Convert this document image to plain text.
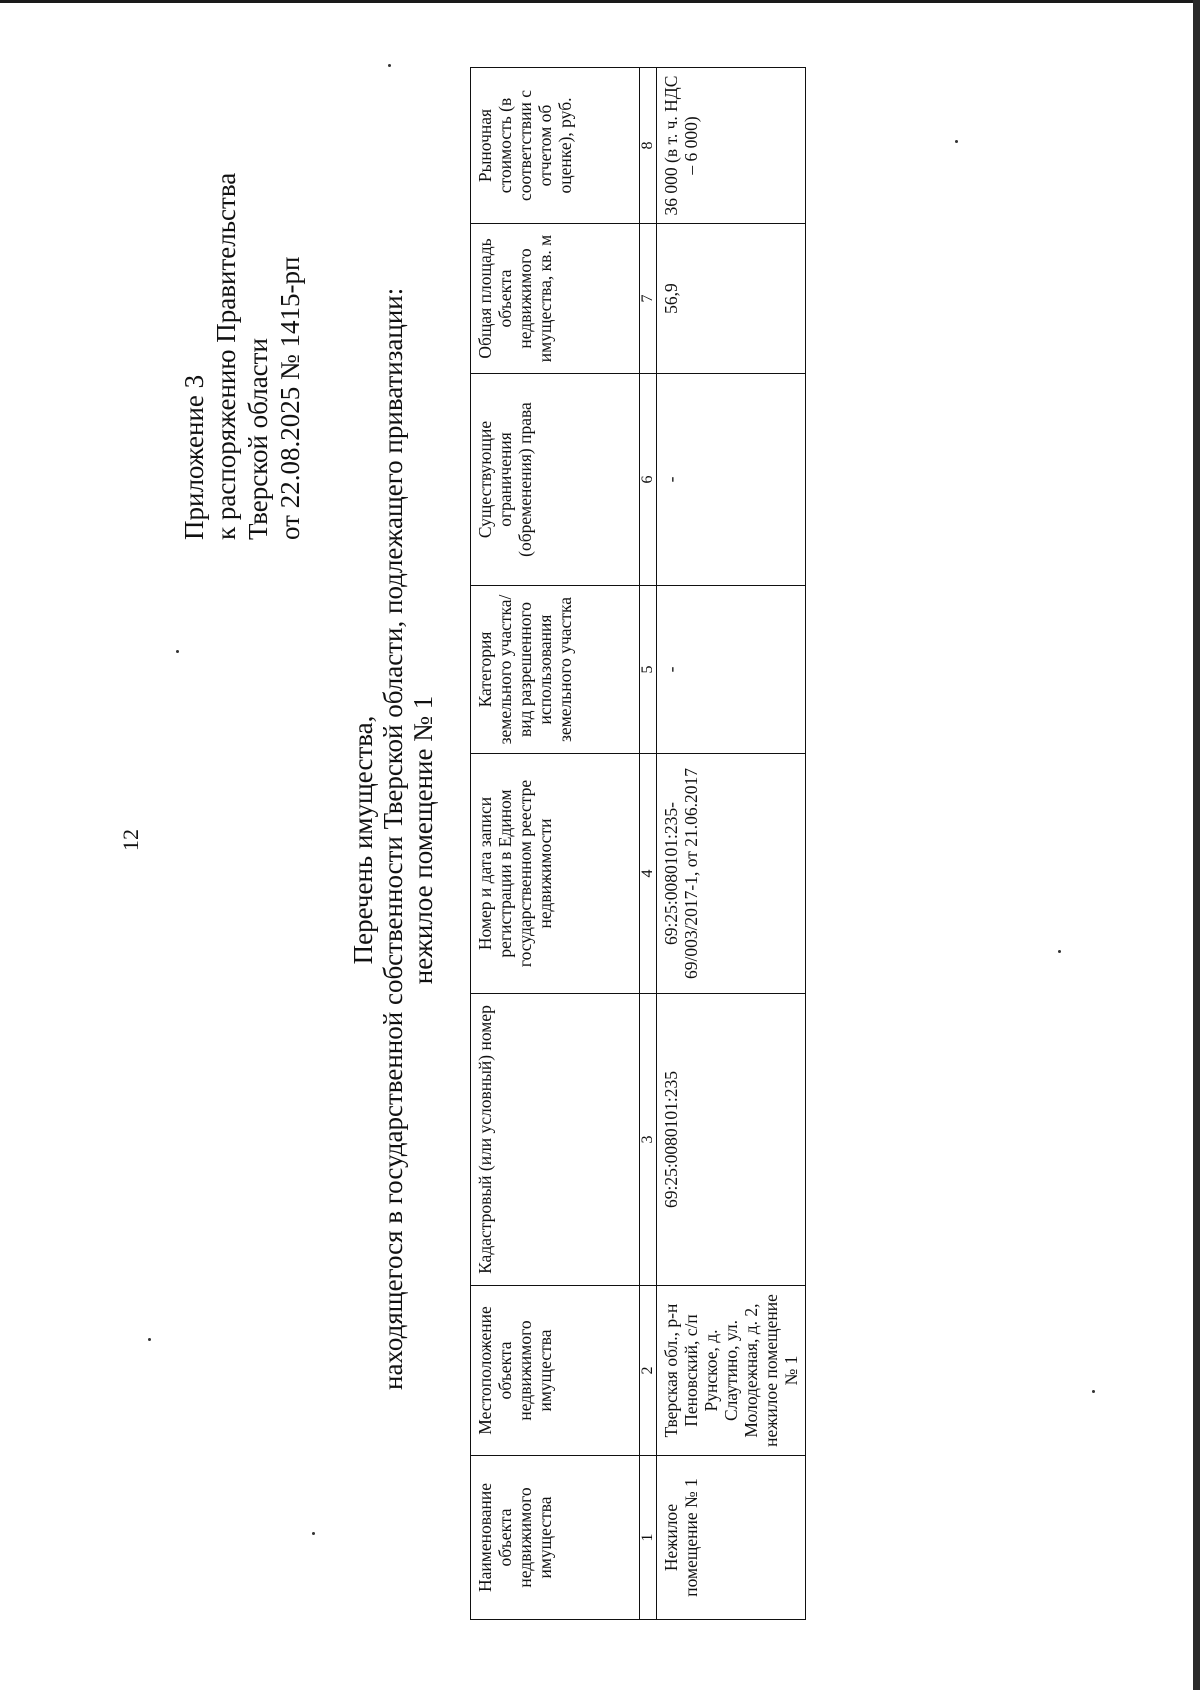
12
Приложение 3 к распоряжению Правительства Тверской области от 22.08.2025 № 1415-рп
Перечень имущества, находящегося в государственной собственности Тверской области, подлежащего приватизации: нежилое помещение № 1
Наименование объекта недвижимого имущества	Местоположение объекта недвижимого имущества	Кадастровый (или условный) номер	Номер и дата записи регистрации в Едином государственном реестре недвижимости	Категория земельного участка/вид разрешенного использования земельного участка	Существующие ограничения (обременения) права	Общая площадь объекта недвижимого имущества, кв. м	Рыночная стоимость (в соответствии с отчетом об оценке), руб.
1	2	3	4	5	6	7	8
Нежилое помещение № 1	Тверская обл., р-н Пеновский, с/п Рунское, д. Слаутино, ул. Молодежная, д. 2, нежилое помещение № 1	69:25:0080101:235	69:25:0080101:235-69/003/2017-1, от 21.06.2017	-	-	56,9	36 000 (в т. ч. НДС – 6 000)
